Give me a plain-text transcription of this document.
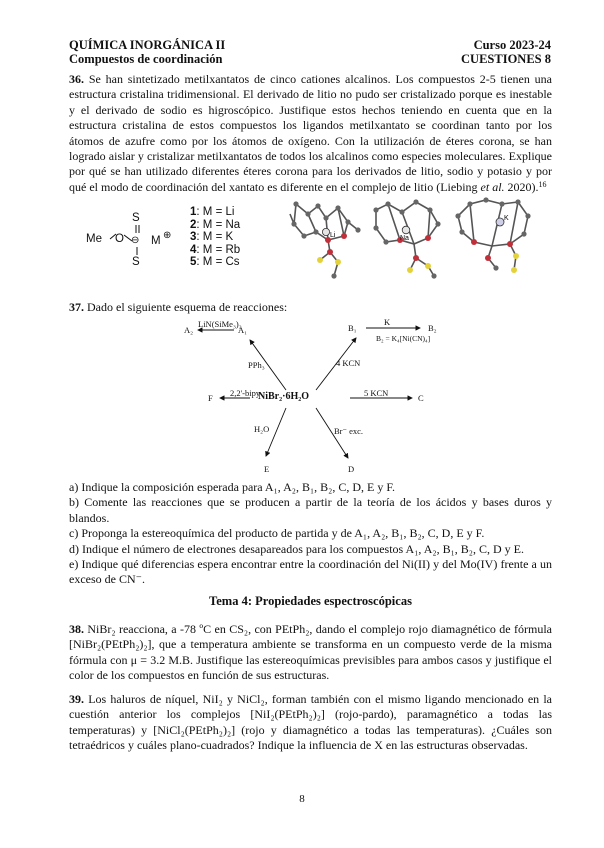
QUÍMICA INORGÁNICA II
Compuestos de coordinación
Curso 2023-24
CUESTIONES 8

36. Se han sintetizado metilxantatos de cinco cationes alcalinos. Los compuestos 2-5 tienen una estructura cristalina tridimensional. El derivado de litio no pudo ser cristalizado porque es inestable y el derivado de sodio es higroscópico. Justifique estos hechos teniendo en cuenta que en la estructura cristalina de estos compuestos los ligandos metilxantato se coordinan tanto por los átomos de azufre como por los átomos de oxígeno. Con la utilización de éteres corona, se han logrado aislar y cristalizar metilxantatos de todos los alcalinos como especies moleculares. Explique por qué se han utilizado diferentes éteres corona para los derivados de litio, sodio y potasio y por qué el modo de coordinación del xantato es diferente en el complejo de litio (Liebing et al. 2020).$^{16}$

S
Me O ⊖ M ⊕
S
1: M = Li
2: M = Na
3: M = K
4: M = Rb
5: M = Cs
Li	Na
K

37. Dado el siguiente esquema de reacciones:

A₂
LiN(SiMe₃)₂
A₁	B₁
K
B₂
B₂ = K₄[Ni(CN)₄]
PPh₃	4 KCN
F 2,2'-bipy
NiBr₂·6H₂O	5 KCN	C
H₂O	Br⁻ exc.
E	D
a) Indique la composición esperada para A₁, A₂, B₁, B₂, C, D, E y F.
b) Comente las reacciones que se producen a partir de la teoría de los ácidos y bases duros y blandos.
c) Proponga la estereoquímica del producto de partida y de A₁, A₂, B₁, B₂, C, D, E y F.
d) Indique el número de electrones desapareados para los compuestos A₁, A₂, B₁, B₂, C, D y E.
e) Indique qué diferencias espera encontrar entre la coordinación del Ni(II) y del Mo(IV) frente a un exceso de CN⁻.
Tema 4: Propiedades espectroscópicas

38. NiBr₂ reacciona, a -78 ºC en CS₂, con PEtPh₂, dando el complejo rojo diamagnético de fórmula [NiBr₂(PEtPh₂)₂], que a temperatura ambiente se transforma en un compuesto verde de la misma fórmula con μ = 3.2 M.B. Justifique las estereoquímicas previsibles para ambos casos y justifique el color de los compuestos en función de sus estructuras.

39. Los haluros de níquel, NiI₂ y NiCl₂, forman también con el mismo ligando mencionado en la cuestión anterior los complejos [NiI₂(PEtPh₂)₂] (rojo-pardo), paramagnético a todas las temperaturas) y [NiCl₂(PEtPh₂)₂] (rojo y diamagnético a todas las temperaturas). ¿Cuáles son tetraédricos y cuáles plano-cuadrados? Indique la influencia de X en las estructuras observadas.

8
